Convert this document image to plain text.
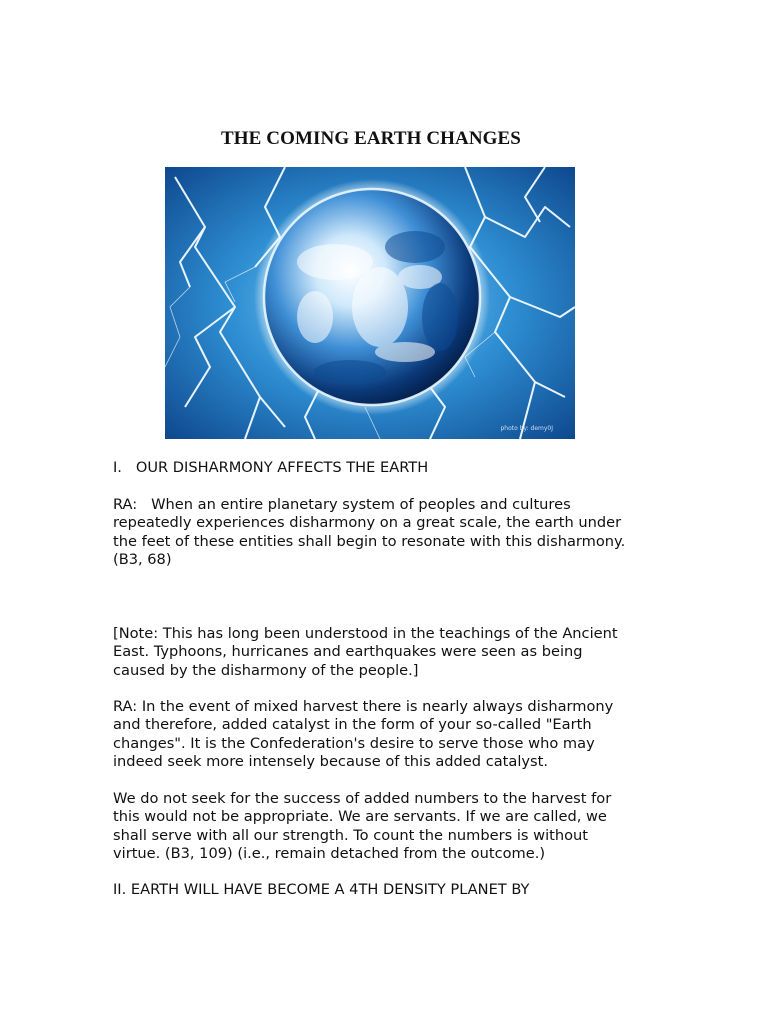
THE COMING EARTH CHANGES
photo by: demy0J
I.   OUR DISHARMONY AFFECTS THE EARTH
RA:   When an entire planetary system of peoples and cultures
repeatedly experiences disharmony on a great scale, the earth under
the feet of these entities shall begin to resonate with this disharmony.
(B3, 68)
[Note: This has long been understood in the teachings of the Ancient
East. Typhoons, hurricanes and earthquakes were seen as being
caused by the disharmony of the people.]
RA: In the event of mixed harvest there is nearly always disharmony
and therefore, added catalyst in the form of your so-called "Earth
changes". It is the Confederation's desire to serve those who may
indeed seek more intensely because of this added catalyst.
We do not seek for the success of added numbers to the harvest for
this would not be appropriate. We are servants. If we are called, we
shall serve with all our strength. To count the numbers is without
virtue. (B3, 109) (i.e., remain detached from the outcome.)
II. EARTH WILL HAVE BECOME A 4TH DENSITY PLANET BY
